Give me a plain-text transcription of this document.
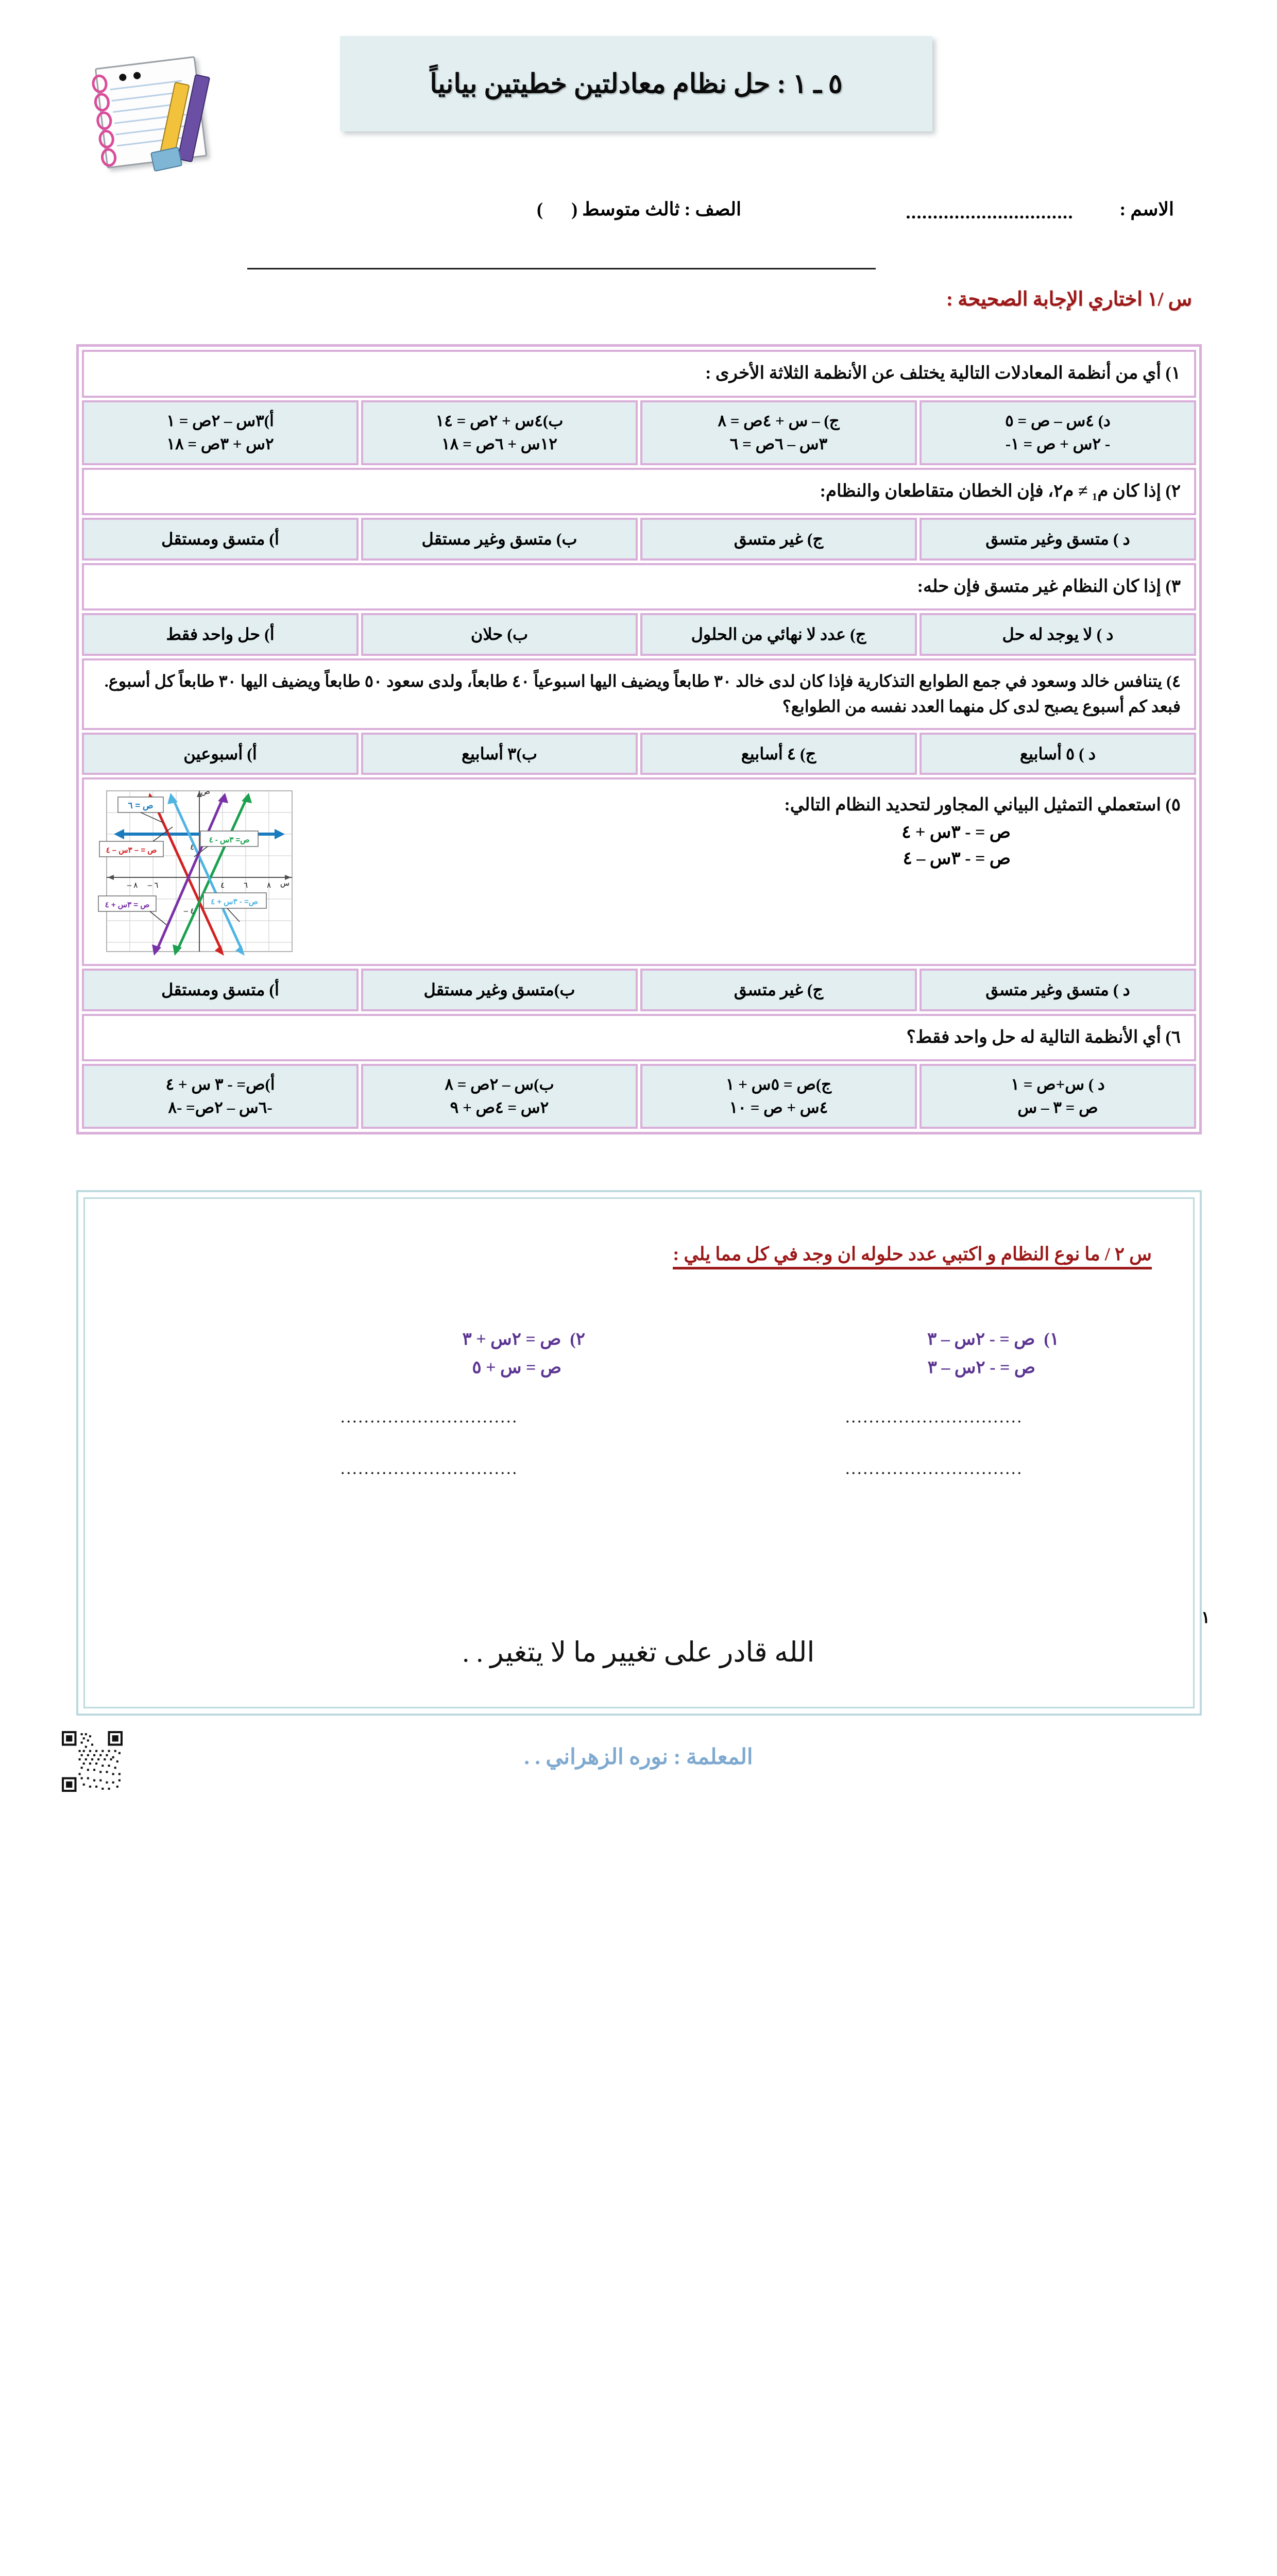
٥ ـ ١ : حل نظام معادلتين خطيتين بيانياً
الاسم :
...............................
الصف : ثالث متوسط (
)
س /١ اختاري الإجابة الصحيحة :
١) أي من أنظمة المعادلات التالية يختلف عن الأنظمة الثلاثة الأخرى :
د) ٤س – ص = ٥
- ٢س + ص = ١-
ج) – س + ٤ص = ٨
٣س – ٦ص = ٦
ب)٤س + ٢ص = ١٤
١٢س + ٦ص = ١٨
أ)٣س – ٢ص = ١
٢س + ٣ص = ١٨
٢) إذا كان م₁ ≠ م٢، فإن الخطان متقاطعان والنظام:
د ) متسق وغير متسق
ج) غير متسق
ب) متسق وغير مستقل
أ) متسق ومستقل
٣) إذا كان النظام غير متسق فإن حله:
د ) لا يوجد له حل
ج) عدد لا نهائي من الحلول
ب) حلان
أ) حل واحد فقط
٤) يتنافس خالد وسعود في جمع الطوابع التذكارية فإذا كان لدى خالد ٣٠ طابعاً ويضيف اليها اسبوعياً ٤٠ طابعاً، ولدى سعود ٥٠ طابعاً ويضيف اليها ٣٠ طابعاً كل أسبوع. فبعد كم أسبوع يصبح لدى كل منهما العدد نفسه من الطوابع؟
د ) ٥ أسابيع
ج) ٤ أسابيع
ب)٣ أسابيع
أ) أسبوعين
٥) استعملي التمثيل البياني المجاور لتحديد النظام التالي:
ص = - ٣س + ٤
ص = - ٣س – ٤
ص = ٦
ص = – ٣س – ٤
ص= ٣س - ٤
ص = ٣س + ٤	ص= - ٣س + ٤
٤ ٦ ٨
٦ –
٨ –
٤
٤ –
س
ص
د ) متسق وغير متسق
ج) غير متسق
ب)متسق وغير مستقل
أ) متسق ومستقل
٦) أي الأنظمة التالية له حل واحد فقط؟
د ) س+ص = ١
ص = ٣ – س
ج)ص = ٥س + ١
٤س + ص = ١٠
ب)س – ٢ص = ٨
٢س = ٤ص + ٩
أ)ص= - ٣ س + ٤
-٦س – ٢ص= -٨
س ٢ / ما نوع النظام و اكتبي عدد حلوله ان وجد في كل مما يلي :
١)  ص = - ٢س – ٣
ص = - ٢س – ٣
٢)  ص = ٢س + ٣
ص = س + ٥
..............................
..............................
..............................
..............................
١
الله قادر على تغيير ما لا يتغير . .
المعلمة : نوره الزهراني . .
